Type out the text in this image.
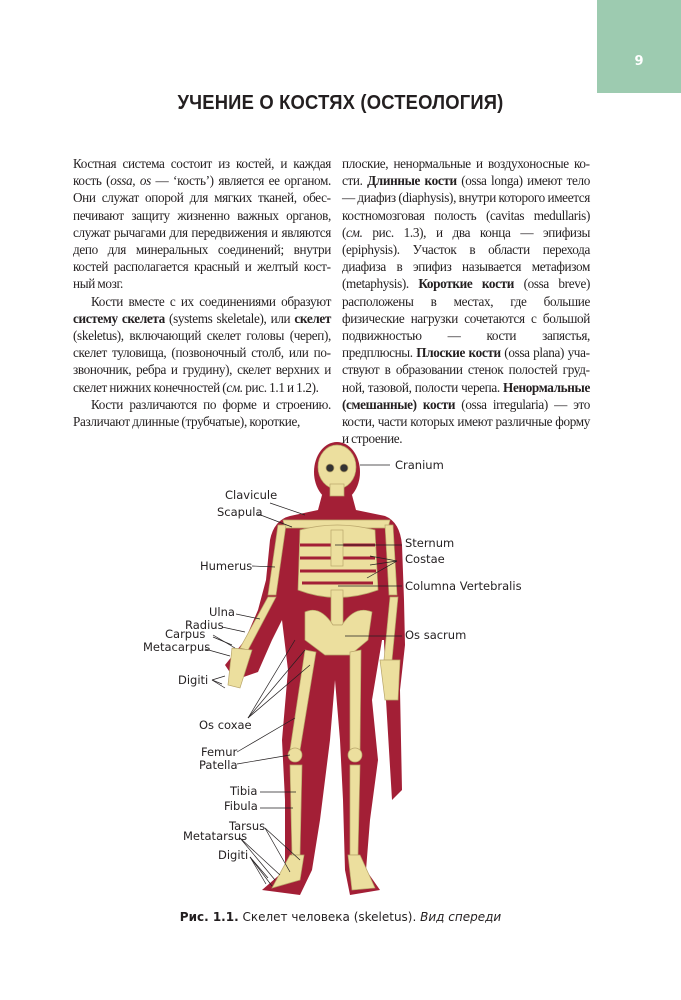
9
УЧЕНИЕ О КОСТЯХ (ОСТЕОЛОГИЯ)

Костная система состоит из костей, и каждая кость (ossa, os — ‘кость’) является ее органом. Они служат опорой для мягких тканей, обеспечивают защиту жизненно важных органов, служат рычагами для передвижения и являются депо для минеральных соединений; внутри костей располагается красный и желтый костный мозг.

Кости вместе с их соединениями образуют систему скелета (systems skeletale), или скелет (skeletus), включающий скелет головы (череп), скелет туловища, (позвоночный столб, или позвоночник, ребра и грудину), скелет верхних и скелет нижних конечностей (см. рис. 1.1 и 1.2).

Кости различаются по форме и строению. Различают длинные (трубчатые), короткие,

плоские, ненормальные и воздухоносные кости. Длинные кости (ossa longa) имеют тело — диафиз (diaphysis), внутри которого имеется костномозговая полость (cavitas medullaris) (см. рис. 1.3), и два конца — эпифизы (epiphysis). Участок в области перехода диафиза в эпифиз называется метафизом (metaphysis). Короткие кости (ossa breve) расположены в местах, где большие физические нагрузки сочетаются с большой подвижностью — кости запястья, предплюсны. Плоские кости (ossa plana) участвуют в образовании стенок полостей грудной, тазовой, полости черепа. Ненормальные (смешанные) кости (ossa irregularia) — это кости, части которых имеют различные форму и строение.

Cranium
Clavicule
Scapula
Sternum
Costae
Humerus
Columna Vertebralis
Ulna
Radius
Carpus
Metacarpus
Os sacrum
Digiti
Os coxae
Femur
Patella
Tibia
Fibula
Tarsus
Metatarsus
Digiti
Рис. 1.1. Скелет человека (skeletus). Вид спереди
